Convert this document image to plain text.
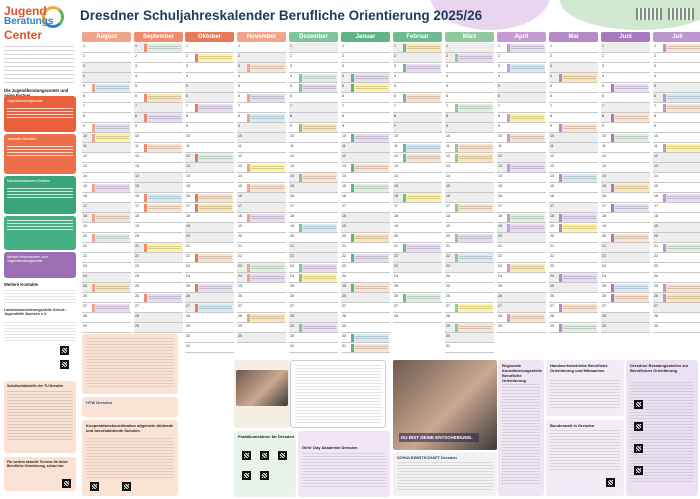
Jugend
Beratungs
Center
Dresdner Schuljahreskalender Berufliche Orientierung 2025/26
Die Jugendberatungscenter und
Jugendberatungscenter
Jobcenter Dresden
Handwerkskammer Dresden
Weitere Informationen zum Jugendberatungscenter
Weitere Kontakte
Landeskoordinierungsstelle Schule - Jugendhilfe Sachsen e.V.
Schulkontaktstelle der TU Dresden
Für weitere aktuelle Termine für deine Berufliche Orientierung, schau hier.
August
1
2
3
4
5
6
7
8
9
10
11
12
13
14
15
16
17
18
19
20
21
22
23
24
25
26
27
28
29
September
1
2
3
4
5
6
7
8
9
10
11
12
13
14
15
16
17
18
19
20
21
22
23
24
25
26
27
28
29
Oktober
1
2
3
4
5
6
7
8
9
10
11
12
13
14
15
16
17
18
19
20
21
22
23
24
25
26
27
28
29
30
31
November
1
2
3
4
5
6
7
8
9
10
11
12
13
14
15
16
17
18
19
20
21
22
23
24
25
26
27
28
29
30
Dezember
1
2
3
4
5
6
7
8
9
10
11
12
13
14
15
16
17
18
19
20
21
22
23
24
25
26
27
28
29
30
31
Januar
1
2
3
4
5
6
7
8
9
10
11
12
13
14
15
16
17
18
19
20
21
22
23
24
25
26
27
28
29
30
31
Februar
1
2
3
4
5
6
7
8
9
10
11
12
13
14
15
16
17
18
19
20
21
22
23
24
25
26
27
28
März
1
2
3
4
5
6
7
8
9
10
11
12
13
14
15
16
17
18
19
20
21
22
23
24
25
26
27
28
29
30
31
April
1
2
3
4
5
6
7
8
9
10
11
12
13
14
15
16
17
18
19
20
21
22
23
24
25
26
27
28
29
Mai
1
2
3
4
5
6
7
8
9
10
11
12
13
14
15
16
17
18
19
20
21
22
23
24
25
26
27
28
29
Juni
1
2
3
4
5
6
7
8
9
10
11
12
13
14
15
16
17
18
19
20
21
22
23
24
25
26
27
28
29
Juli
1
2
3
4
5
6
7
8
9
10
11
12
13
14
15
16
17
18
19
20
21
22
23
24
25
26
27
28
29
HTW Dresden
Kooperationskoordination allgemein bildende und berufsbildende Schulen
Praktikumsbörse für Dresden
Girls' Day Akademie Dresden
DU BIST DEINE ENTSCHEIDUNG.
SCHULEWIRTSCHAFT Dresden
Regionale Koordinierungsstelle Berufliche Orientierung
Handwerksbetriebe Berufliche Orientierung und Mitmachen
Bundesweit in Dresden
Dresdner Beratungsstellen zur Beruflichen Orientierung
